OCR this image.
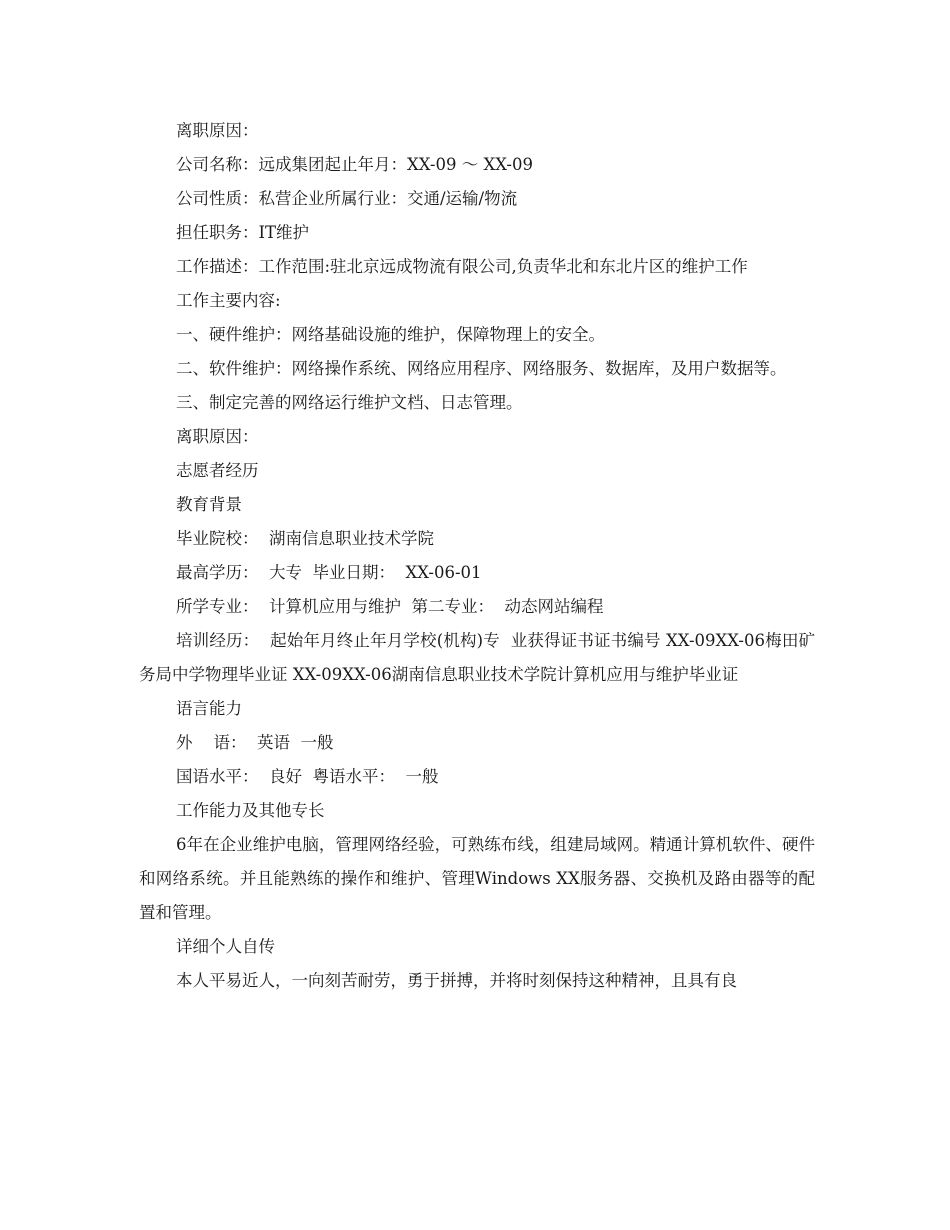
离职原因：

公司名称：远成集团起止年月：XX-09 ～ XX-09

公司性质：私营企业所属行业：交通/运输/物流

担任职务：IT维护

工作描述：工作范围:驻北京远成物流有限公司,负责华北和东北片区的维护工作

工作主要内容:

一、硬件维护：网络基础设施的维护，保障物理上的安全。

二、软件维护：网络操作系统、网络应用程序、网络服务、数据库，及用户数据等。

三、制定完善的网络运行维护文档、日志管理。

离职原因：

志愿者经历

教育背景

毕业院校：  湖南信息职业技术学院

最高学历：  大专  毕业日期：  XX-06-01

所学专业：  计算机应用与维护  第二专业：  动态网站编程

培训经历：  起始年月终止年月学校(机构)专  业获得证书证书编号 XX-09XX-06梅田矿务局中学物理毕业证 XX-09XX-06湖南信息职业技术学院计算机应用与维护毕业证

语言能力

外    语：  英语  一般

国语水平：  良好  粤语水平：  一般

工作能力及其他专长

6年在企业维护电脑，管理网络经验，可熟练布线，组建局域网。精通计算机软件、硬件和网络系统。并且能熟练的操作和维护、管理Windows XX服务器、交换机及路由器等的配置和管理。

详细个人自传

本人平易近人，一向刻苦耐劳，勇于拼搏，并将时刻保持这种精神，且具有良
